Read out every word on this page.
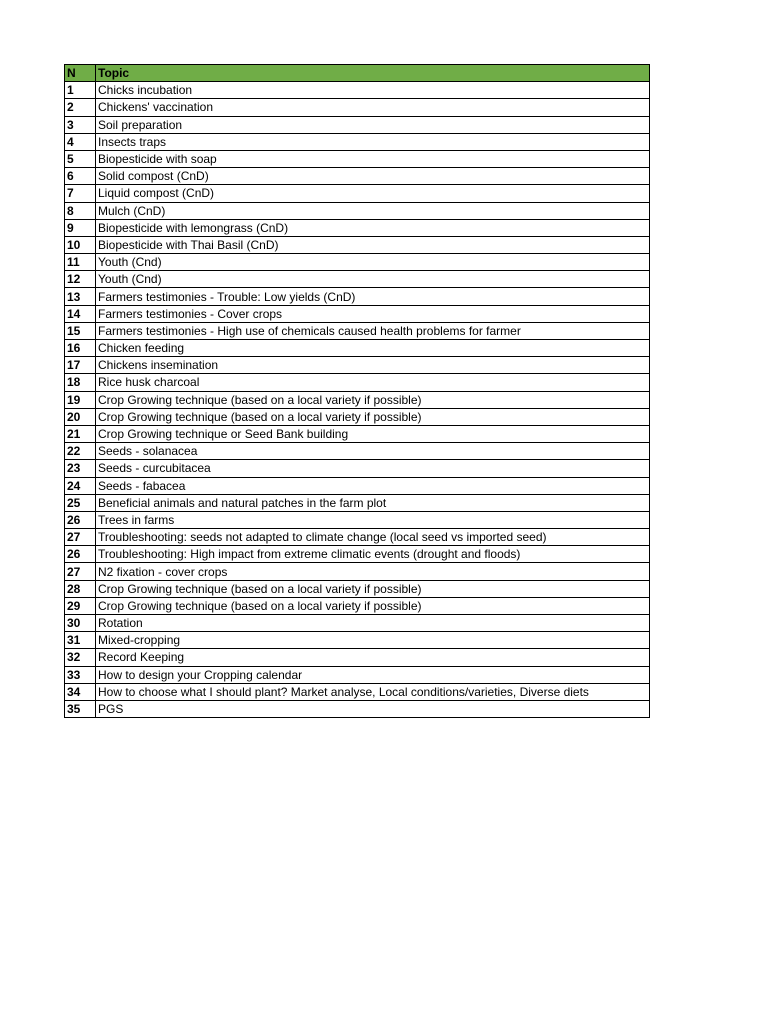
N	Topic
1	Chicks incubation
2	Chickens' vaccination
3	Soil preparation
4	Insects traps
5	Biopesticide with soap
6	Solid compost (CnD)
7	Liquid compost (CnD)
8	Mulch (CnD)
9	Biopesticide with lemongrass (CnD)
10	Biopesticide with Thai Basil (CnD)
11	Youth (Cnd)
12	Youth (Cnd)
13	Farmers testimonies - Trouble: Low yields (CnD)
14	Farmers testimonies - Cover crops
15	Farmers testimonies - High use of chemicals caused health problems for farmer
16	Chicken feeding
17	Chickens insemination
18	Rice husk charcoal
19	Crop Growing technique (based on a local variety if possible)
20	Crop Growing technique (based on a local variety if possible)
21	Crop Growing technique or Seed Bank building
22	Seeds - solanacea
23	Seeds - curcubitacea
24	Seeds - fabacea
25	Beneficial animals and natural patches in the farm plot
26	Trees in farms
27	Troubleshooting: seeds not adapted to climate change (local seed vs imported seed)
26	Troubleshooting: High impact from extreme climatic events (drought and floods)
27	N2 fixation - cover crops
28	Crop Growing technique (based on a local variety if possible)
29	Crop Growing technique (based on a local variety if possible)
30	Rotation
31	Mixed-cropping
32	Record Keeping
33	How to design your Cropping calendar
34	How to choose what I should plant? Market analyse, Local conditions/varieties, Diverse diets
35	PGS
